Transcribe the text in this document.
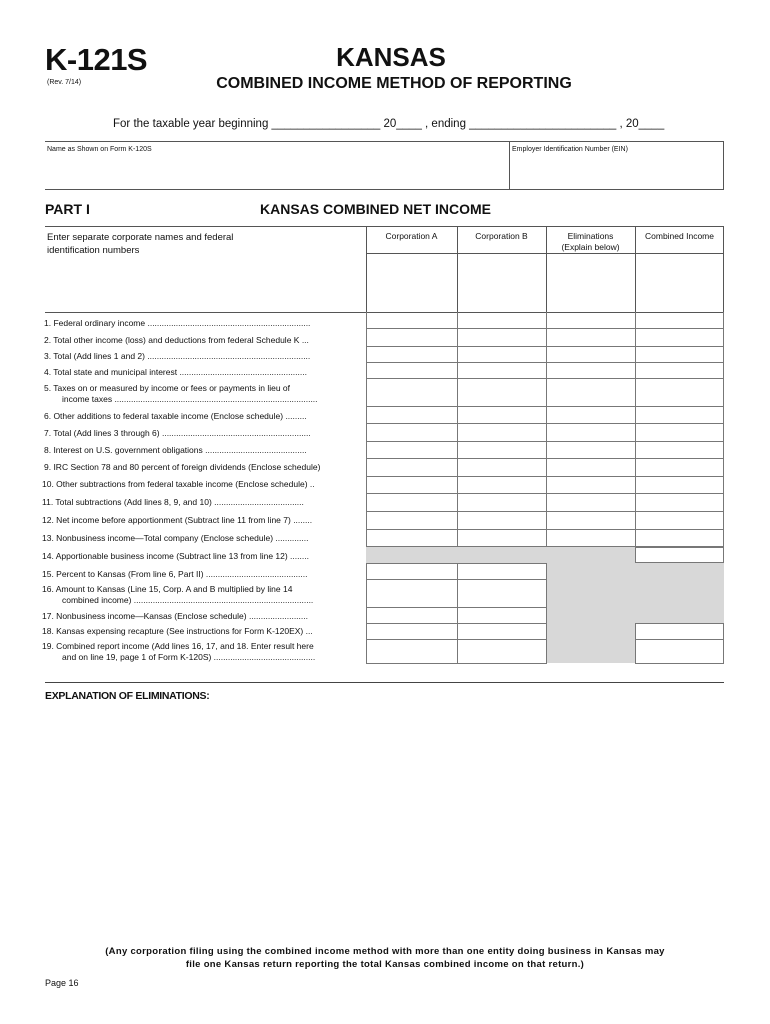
K-121S
(Rev. 7/14)
KANSAS
COMBINED INCOME METHOD OF REPORTING
For the taxable year beginning _________________ 20____ , ending _______________________ , 20____
Name as Shown on Form K-120S	Employer Identification Number (EIN)
PART I	KANSAS COMBINED NET INCOME
Enter separate corporate names and federal identification numbers
Corporation A	Corporation B	Eliminations
(Explain below)
Combined Income
1. Federal ordinary income .....................................................................
2. Total other income (loss) and deductions from federal Schedule K ...
3. Total (Add lines 1 and 2) .....................................................................
4. Total state and municipal interest ......................................................
5. Taxes on or measured by income or fees or payments in lieu of
income taxes ......................................................................................
6. Other additions to federal taxable income (Enclose schedule) .........
7. Total (Add lines 3 through 6) ...............................................................
8. Interest on U.S. government obligations ...........................................
9. IRC Section 78 and 80 percent of foreign dividends (Enclose schedule)
10. Other subtractions from federal taxable income (Enclose schedule) ..
11. Total subtractions (Add lines 8, 9, and 10) ......................................
12. Net income before apportionment (Subtract line 11 from line 7) ........
13. Nonbusiness income—Total company (Enclose schedule) ..............
14. Apportionable business income (Subtract line 13 from line 12) ........
15. Percent to Kansas (From line 6, Part II) ...........................................
16. Amount to Kansas (Line 15, Corp. A and B multiplied by line 14
combined income) ............................................................................
17. Nonbusiness income—Kansas (Enclose schedule) .........................
18. Kansas expensing recapture (See instructions for Form K-120EX) ...
19. Combined report income (Add lines 16, 17, and 18. Enter result here
and on line 19, page 1 of Form K-120S) ...........................................
EXPLANATION OF ELIMINATIONS:
(Any corporation filing using the combined income method with more than one entity doing business in Kansas may
file one Kansas return reporting the total Kansas combined income on that return.)
Page 16
